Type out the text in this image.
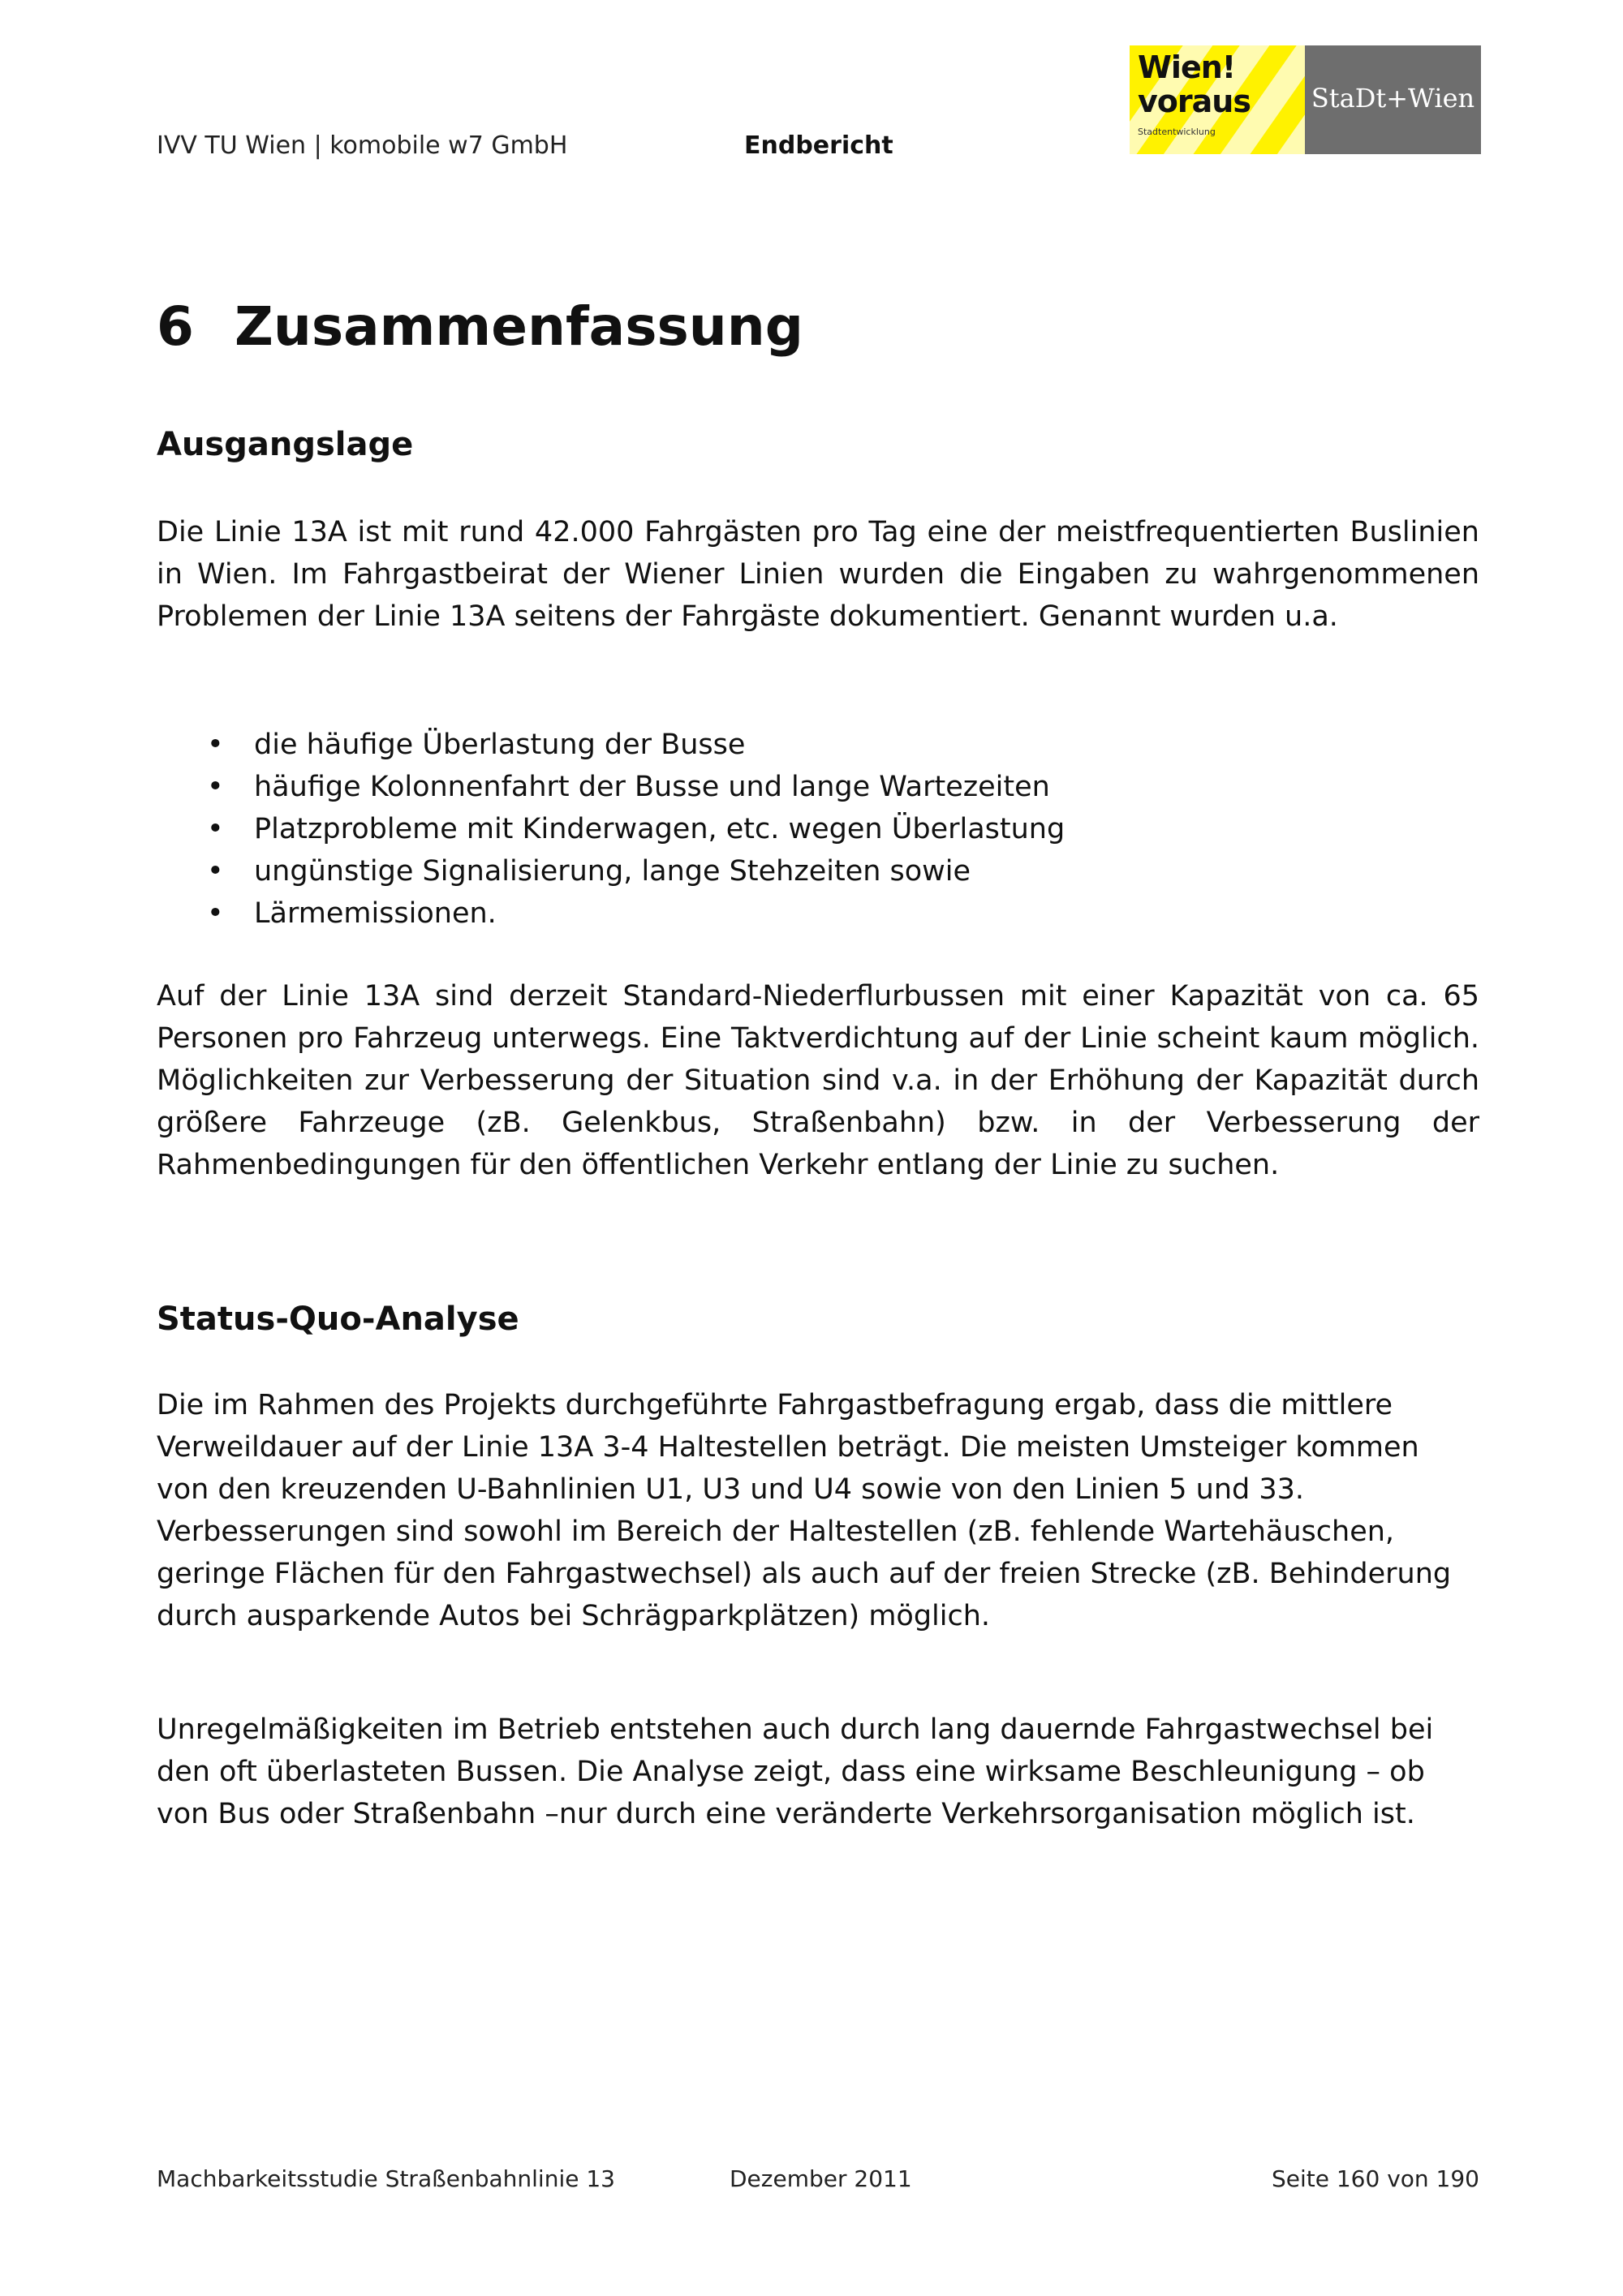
IVV TU Wien | komobile w7 GmbH	Endbericht
Wien!
voraus
Stadtentwicklung
StaDt+Wien
6 Zusammenfassung
Ausgangslage

Die Linie 13A ist mit rund 42.000 Fahrgästen pro Tag eine der meistfrequentierten Buslinien in Wien. Im Fahrgastbeirat der Wiener Linien wurden die Eingaben zu wahrgenommenen Problemen der Linie 13A seitens der Fahrgäste dokumentiert. Genannt wurden u.a.

• die häufige Überlastung der Busse
• häufige Kolonnenfahrt der Busse und lange Wartezeiten
• Platzprobleme mit Kinderwagen, etc. wegen Überlastung
• ungünstige Signalisierung, lange Stehzeiten sowie
• Lärmemissionen.

Auf der Linie 13A sind derzeit Standard-Niederflurbussen mit einer Kapazität von ca. 65 Personen pro Fahrzeug unterwegs. Eine Taktverdichtung auf der Linie scheint kaum möglich. Möglichkeiten zur Verbesserung der Situation sind v.a. in der Erhöhung der Kapazität durch größere Fahrzeuge (zB. Gelenkbus, Straßenbahn) bzw. in der Verbesserung der Rahmenbedingungen für den öffentlichen Verkehr entlang der Linie zu suchen.

Status-Quo-Analyse

Die im Rahmen des Projekts durchgeführte Fahrgastbefragung ergab, dass die mittlere Verweildauer auf der Linie 13A 3-4 Haltestellen beträgt. Die meisten Umsteiger kommen von den kreuzenden U-Bahnlinien U1, U3 und U4 sowie von den Linien 5 und 33. Verbesserungen sind sowohl im Bereich der Haltestellen (zB. fehlende Wartehäuschen, geringe Flächen für den Fahrgastwechsel) als auch auf der freien Strecke (zB. Behinderung durch ausparkende Autos bei Schrägparkplätzen) möglich.

Unregelmäßigkeiten im Betrieb entstehen auch durch lang dauernde Fahrgastwechsel bei den oft überlasteten Bussen. Die Analyse zeigt, dass eine wirksame Beschleunigung – ob von Bus oder Straßenbahn –nur durch eine veränderte Verkehrsorganisation möglich ist.

Machbarkeitsstudie Straßenbahnlinie 13	Dezember 2011	Seite 160 von 190
